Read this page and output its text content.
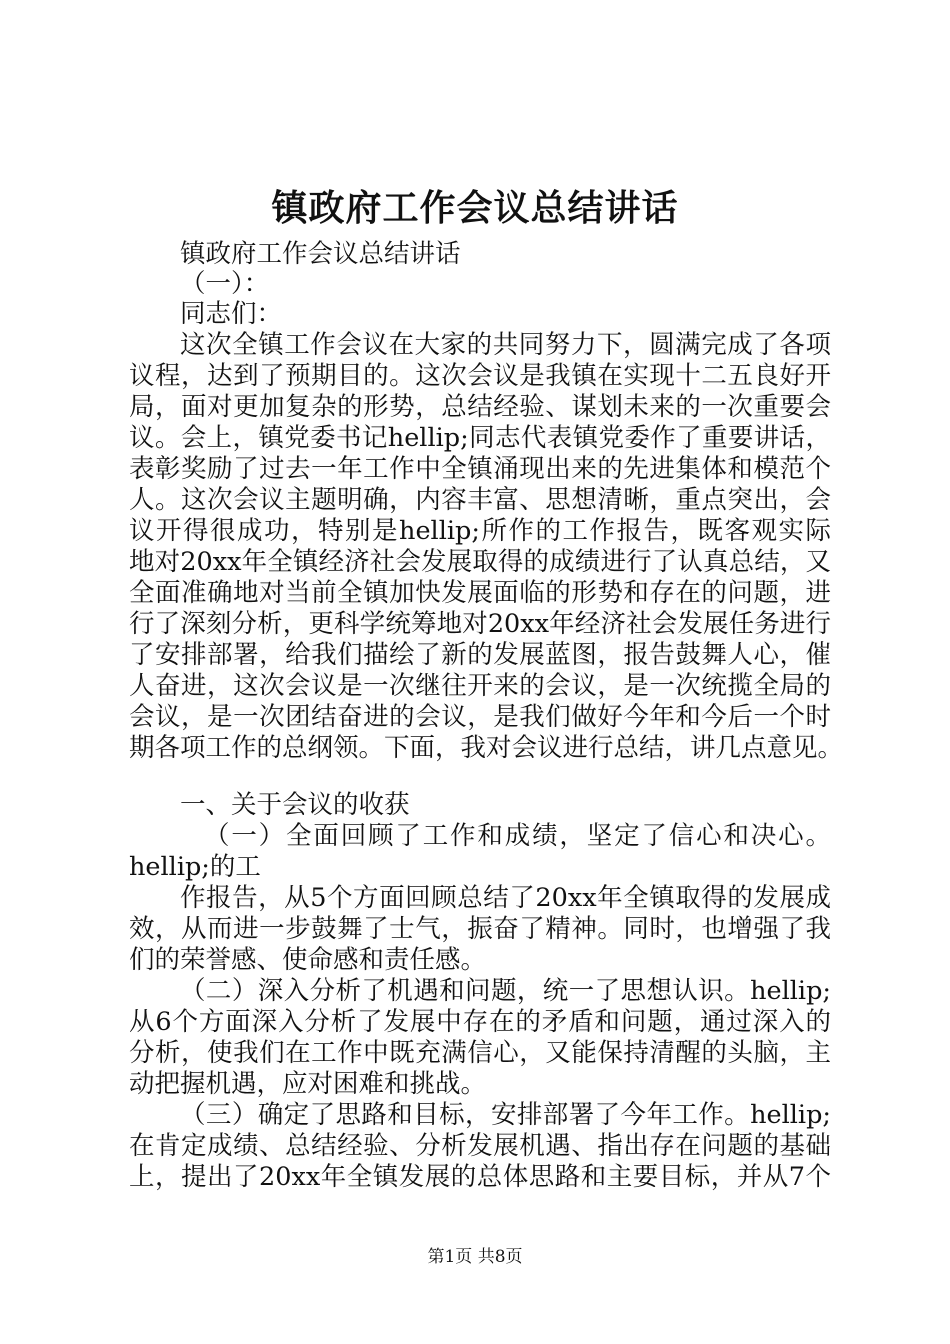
镇政府工作会议总结讲话
镇政府工作会议总结讲话
（一）：
同志们：
这次全镇工作会议在大家的共同努力下，圆满完成了各项
议程，达到了预期目的。这次会议是我镇在实现十二五良好开
局，面对更加复杂的形势，总结经验、谋划未来的一次重要会
议。会上，镇党委书记hellip;同志代表镇党委作了重要讲话，
表彰奖励了过去一年工作中全镇涌现出来的先进集体和模范个
人。这次会议主题明确，内容丰富、思想清晰，重点突出，会
议开得很成功，特别是hellip;所作的工作报告，既客观实际
地对20xx年全镇经济社会发展取得的成绩进行了认真总结，又
全面准确地对当前全镇加快发展面临的形势和存在的问题，进
行了深刻分析，更科学统筹地对20xx年经济社会发展任务进行
了安排部署，给我们描绘了新的发展蓝图，报告鼓舞人心，催
人奋进，这次会议是一次继往开来的会议，是一次统揽全局的
会议，是一次团结奋进的会议，是我们做好今年和今后一个时
期各项工作的总纲领。下面，我对会议进行总结，讲几点意见。
一、关于会议的收获
（一）全面回顾了工作和成绩，坚定了信心和决心。
hellip;的工
作报告，从5个方面回顾总结了20xx年全镇取得的发展成
效，从而进一步鼓舞了士气，振奋了精神。同时，也增强了我
们的荣誉感、使命感和责任感。
（二）深入分析了机遇和问题，统一了思想认识。hellip;
从6个方面深入分析了发展中存在的矛盾和问题，通过深入的
分析，使我们在工作中既充满信心，又能保持清醒的头脑，主
动把握机遇，应对困难和挑战。
（三）确定了思路和目标，安排部署了今年工作。hellip;
在肯定成绩、总结经验、分析发展机遇、指出存在问题的基础
上，提出了20xx年全镇发展的总体思路和主要目标，并从7个
第1页 共8页
